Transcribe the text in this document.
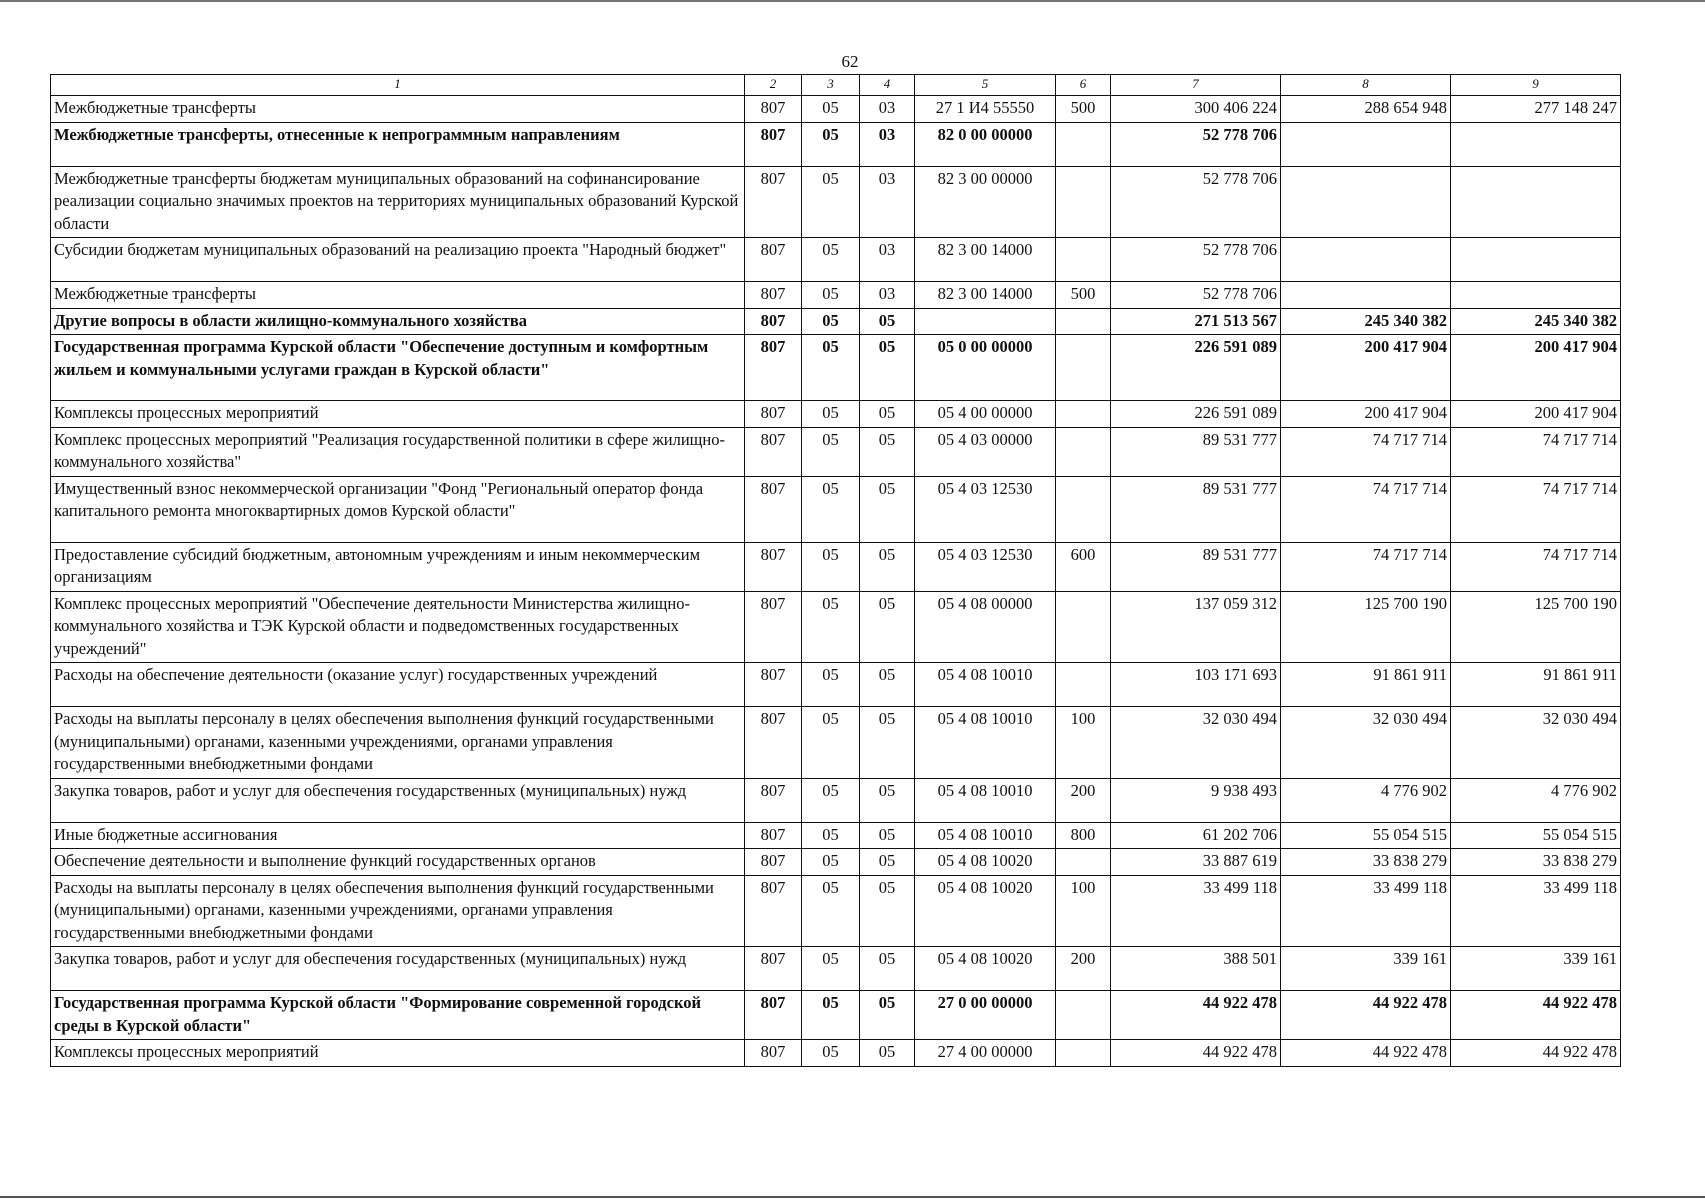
62
1	2	3	4	5	6	7	8	9
Межбюджетные трансферты	807	05	03	27 1 И4 55550	500	300 406 224	288 654 948	277 148 247
Межбюджетные трансферты, отнесенные к непрограммным направлениям	807	05	03	82 0 00 00000		52 778 706		
Межбюджетные трансферты бюджетам муниципальных образований на софинансирование реализации социально значимых проектов на территориях муниципальных образований Курской области	807	05	03	82 3 00 00000		52 778 706		
Субсидии бюджетам муниципальных образований на реализацию проекта "Народный бюджет"	807	05	03	82 3 00 14000		52 778 706		
Межбюджетные трансферты	807	05	03	82 3 00 14000	500	52 778 706		
Другие вопросы в области жилищно-коммунального хозяйства	807	05	05			271 513 567	245 340 382	245 340 382
Государственная программа Курской области "Обеспечение доступным и комфортным жильем и коммунальными услугами граждан в Курской области"	807	05	05	05 0 00 00000		226 591 089	200 417 904	200 417 904
Комплексы процессных мероприятий	807	05	05	05 4 00 00000		226 591 089	200 417 904	200 417 904
Комплекс процессных мероприятий "Реализация государственной политики в сфере жилищно-коммунального хозяйства"	807	05	05	05 4 03 00000		89 531 777	74 717 714	74 717 714
Имущественный взнос некоммерческой организации "Фонд "Региональный оператор фонда капитального ремонта многоквартирных домов Курской области"	807	05	05	05 4 03 12530		89 531 777	74 717 714	74 717 714
Предоставление субсидий бюджетным, автономным учреждениям и иным некоммерческим организациям	807	05	05	05 4 03 12530	600	89 531 777	74 717 714	74 717 714
Комплекс процессных мероприятий "Обеспечение деятельности Министерства жилищно-коммунального хозяйства и ТЭК Курской области и подведомственных государственных учреждений"	807	05	05	05 4 08 00000		137 059 312	125 700 190	125 700 190
Расходы на обеспечение деятельности (оказание услуг) государственных учреждений	807	05	05	05 4 08 10010		103 171 693	91 861 911	91 861 911
Расходы на выплаты персоналу в целях обеспечения выполнения функций государственными (муниципальными) органами, казенными учреждениями, органами управления государственными внебюджетными фондами	807	05	05	05 4 08 10010	100	32 030 494	32 030 494	32 030 494
Закупка товаров, работ и услуг для обеспечения государственных (муниципальных) нужд	807	05	05	05 4 08 10010	200	9 938 493	4 776 902	4 776 902
Иные бюджетные ассигнования	807	05	05	05 4 08 10010	800	61 202 706	55 054 515	55 054 515
Обеспечение деятельности и выполнение функций государственных органов	807	05	05	05 4 08 10020		33 887 619	33 838 279	33 838 279
Расходы на выплаты персоналу в целях обеспечения выполнения функций государственными (муниципальными) органами, казенными учреждениями, органами управления государственными внебюджетными фондами	807	05	05	05 4 08 10020	100	33 499 118	33 499 118	33 499 118
Закупка товаров, работ и услуг для обеспечения государственных (муниципальных) нужд	807	05	05	05 4 08 10020	200	388 501	339 161	339 161
Государственная программа Курской области "Формирование современной городской среды в Курской области"	807	05	05	27 0 00 00000		44 922 478	44 922 478	44 922 478
Комплексы процессных мероприятий	807	05	05	27 4 00 00000		44 922 478	44 922 478	44 922 478
